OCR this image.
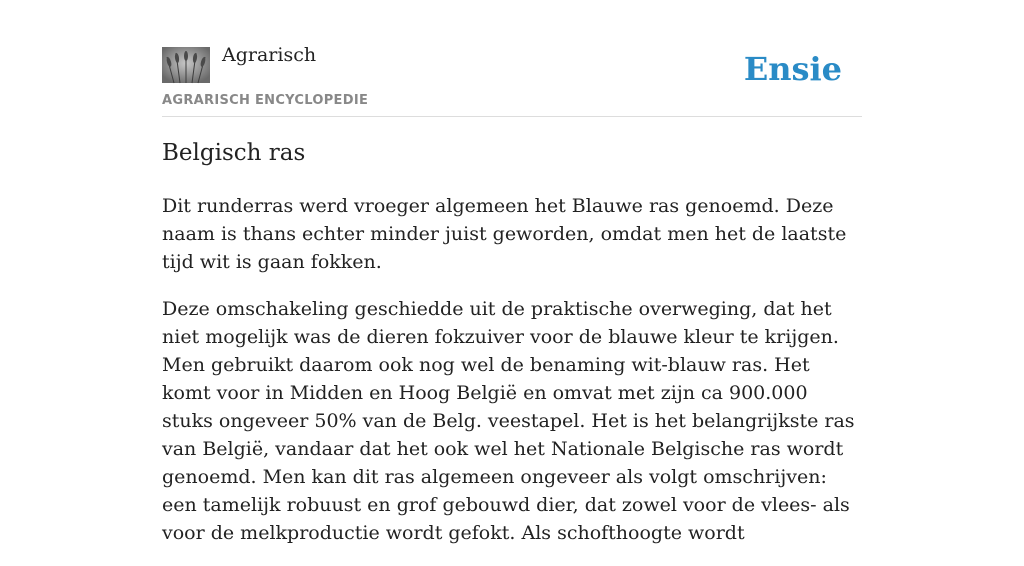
Agrarisch
AGRARISCH ENCYCLOPEDIE
Ensie
Belgisch ras

Dit runderras werd vroeger algemeen het Blauwe ras genoemd. Deze naam is thans echter minder juist geworden, omdat men het de laatste tijd wit is gaan fokken.

Deze omschakeling geschiedde uit de praktische overweging, dat het niet mogelijk was de dieren fokzuiver voor de blauwe kleur te krijgen. Men gebruikt daarom ook nog wel de benaming wit-blauw ras. Het komt voor in Midden en Hoog België en omvat met zijn ca 900.000 stuks ongeveer 50% van de Belg. veestapel. Het is het belangrijkste ras van België, vandaar dat het ook wel het Nationale Belgische ras wordt genoemd. Men kan dit ras algemeen ongeveer als volgt omschrijven: een tamelijk robuust en grof gebouwd dier, dat zowel voor de vlees- als voor de melkproductie wordt gefokt. Als schofthoogte wordt
